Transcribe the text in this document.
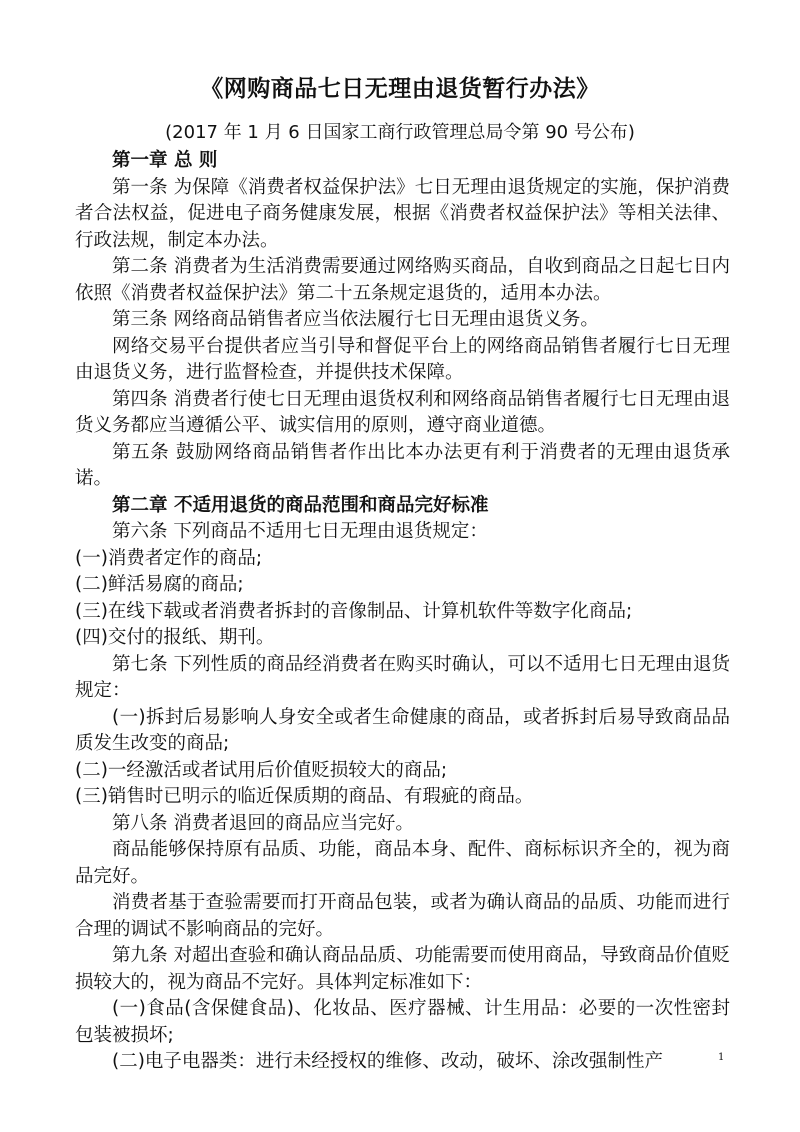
《网购商品七日无理由退货暂行办法》
(2017 年 1 月 6 日国家工商行政管理总局令第 90 号公布)

第一章 总 则

第一条 为保障《消费者权益保护法》七日无理由退货规定的实施，保护消费者合法权益，促进电子商务健康发展，根据《消费者权益保护法》等相关法律、行政法规，制定本办法。

第二条 消费者为生活消费需要通过网络购买商品，自收到商品之日起七日内依照《消费者权益保护法》第二十五条规定退货的，适用本办法。

第三条 网络商品销售者应当依法履行七日无理由退货义务。

网络交易平台提供者应当引导和督促平台上的网络商品销售者履行七日无理由退货义务，进行监督检查，并提供技术保障。

第四条 消费者行使七日无理由退货权利和网络商品销售者履行七日无理由退货义务都应当遵循公平、诚实信用的原则，遵守商业道德。

第五条 鼓励网络商品销售者作出比本办法更有利于消费者的无理由退货承诺。

第二章 不适用退货的商品范围和商品完好标准

第六条 下列商品不适用七日无理由退货规定：

(一)消费者定作的商品;

(二)鲜活易腐的商品;

(三)在线下载或者消费者拆封的音像制品、计算机软件等数字化商品;

(四)交付的报纸、期刊。

第七条 下列性质的商品经消费者在购买时确认，可以不适用七日无理由退货规定：

(一)拆封后易影响人身安全或者生命健康的商品，或者拆封后易导致商品品质发生改变的商品;

(二)一经激活或者试用后价值贬损较大的商品;

(三)销售时已明示的临近保质期的商品、有瑕疵的商品。

第八条 消费者退回的商品应当完好。

商品能够保持原有品质、功能，商品本身、配件、商标标识齐全的，视为商品完好。

消费者基于查验需要而打开商品包装，或者为确认商品的品质、功能而进行合理的调试不影响商品的完好。

第九条 对超出查验和确认商品品质、功能需要而使用商品，导致商品价值贬损较大的，视为商品不完好。具体判定标准如下：

(一)食品(含保健食品)、化妆品、医疗器械、计生用品：必要的一次性密封包装被损坏;

(二)电子电器类：进行未经授权的维修、改动，破坏、涂改强制性产	1
